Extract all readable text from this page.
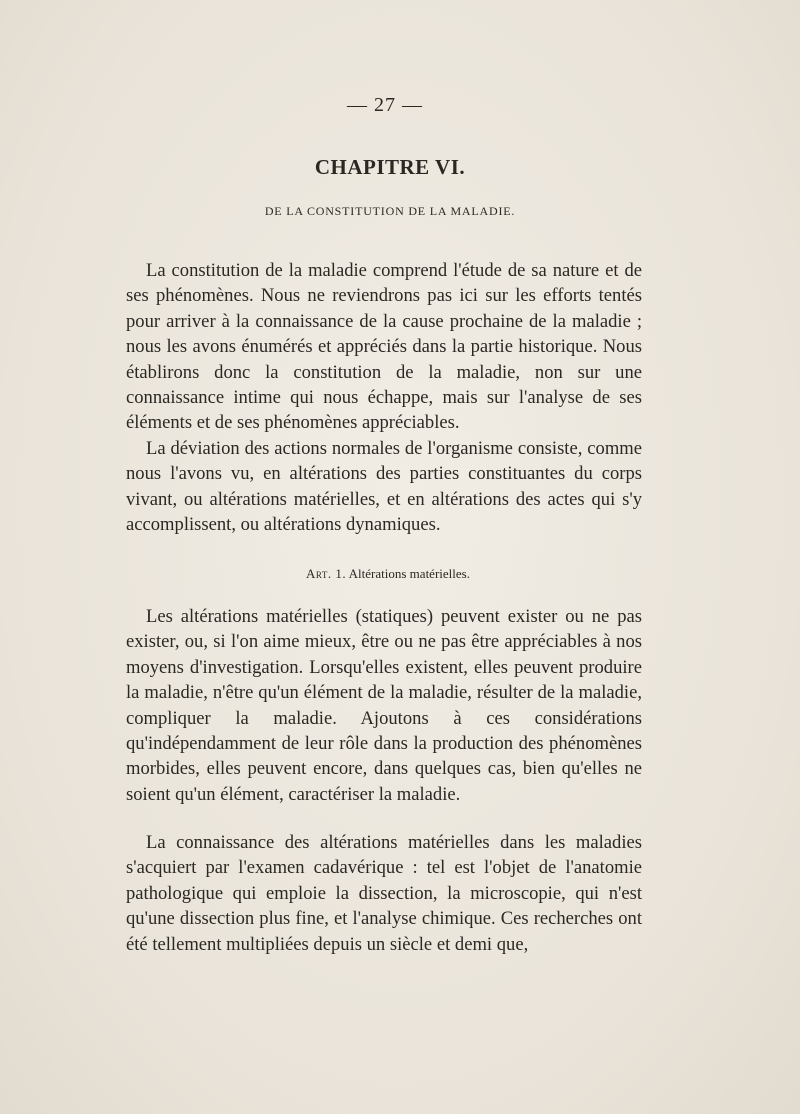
— 27 —
CHAPITRE VI.
DE LA CONSTITUTION DE LA MALADIE.

La constitution de la maladie comprend l'étude de sa nature et de ses phénomènes. Nous ne reviendrons pas ici sur les efforts tentés pour arriver à la connaissance de la cause prochaine de la maladie ; nous les avons énumérés et appréciés dans la partie historique. Nous établirons donc la constitution de la maladie, non sur une connaissance intime qui nous échappe, mais sur l'analyse de ses éléments et de ses phénomènes appréciables.

La déviation des actions normales de l'organisme consiste, comme nous l'avons vu, en altérations des parties constituantes du corps vivant, ou altérations matérielles, et en altérations des actes qui s'y accomplissent, ou altérations dynamiques.

Art. 1. Altérations matérielles.

Les altérations matérielles (statiques) peuvent exister ou ne pas exister, ou, si l'on aime mieux, être ou ne pas être appréciables à nos moyens d'investigation. Lorsqu'elles existent, elles peuvent produire la maladie, n'être qu'un élément de la maladie, résulter de la maladie, compliquer la maladie. Ajoutons à ces considérations qu'indépendamment de leur rôle dans la production des phénomènes morbides, elles peuvent encore, dans quelques cas, bien qu'elles ne soient qu'un élément, caractériser la maladie.

La connaissance des altérations matérielles dans les maladies s'acquiert par l'examen cadavérique : tel est l'objet de l'anatomie pathologique qui emploie la dissection, la microscopie, qui n'est qu'une dissection plus fine, et l'analyse chimique. Ces recherches ont été tellement multipliées depuis un siècle et demi que,
